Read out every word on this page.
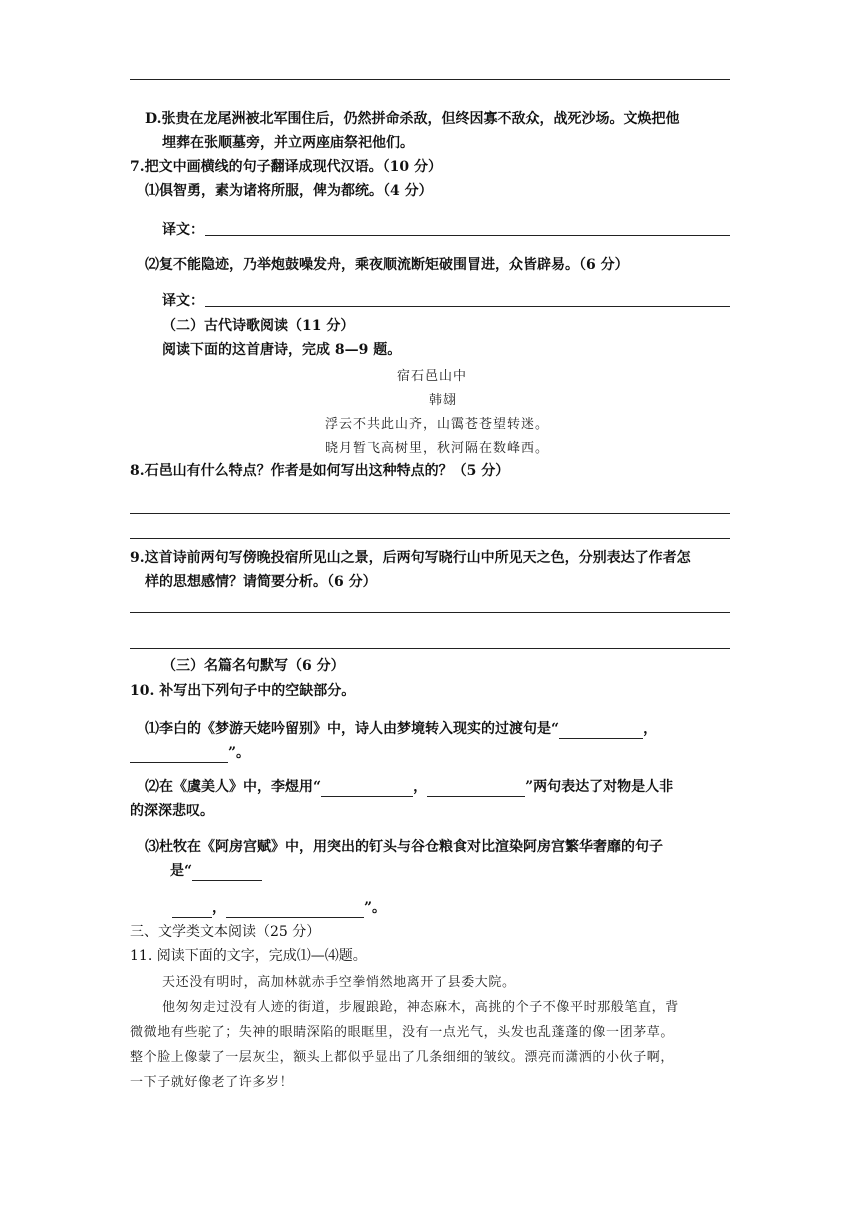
D.张贵在龙尾洲被北军围住后，仍然拼命杀敌，但终因寡不敌众，战死沙场。文焕把他
埋葬在张顺墓旁，并立两座庙祭祀他们。
7.把文中画横线的句子翻译成现代汉语。（10 分）
⑴俱智勇，素为诸将所服，俾为都统。（4 分）
译文：
⑵复不能隐迹，乃举炮鼓噪发舟，乘夜顺流断矩破围冒进，众皆辟易。（6 分）
译文：
（二）古代诗歌阅读（11 分）
阅读下面的这首唐诗，完成 8—9 题。
宿石邑山中
韩翃
浮云不共此山齐，山霭苍苍望转迷。
晓月暂飞高树里，秋河隔在数峰西。
8.石邑山有什么特点？作者是如何写出这种特点的？（5 分）
9.这首诗前两句写傍晚投宿所见山之景，后两句写晓行山中所见天之色，分别表达了作者怎
样的思想感情？请简要分析。（6 分）
（三）名篇名句默写（6 分）
10. 补写出下列句子中的空缺部分。
⑴李白的《梦游天姥吟留别》中，诗人由梦境转入现实的过渡句是“	，
”。
⑵在《虞美人》中，李煜用“	，	”两句表达了对物是人非
的深深悲叹。
⑶杜牧在《阿房宫赋》中，用突出的钉头与谷仓粮食对比渲染阿房宫繁华奢靡的句子
是“
，	”。
三、文学类文本阅读（25 分）
11. 阅读下面的文字，完成⑴—⑷题。
天还没有明时，高加林就赤手空拳悄然地离开了县委大院。
他匆匆走过没有人迹的街道，步履踉跄，神态麻木，高挑的个子不像平时那般笔直，背
微微地有些驼了；失神的眼睛深陷的眼眶里，没有一点光气，头发也乱蓬蓬的像一团茅草。
整个脸上像蒙了一层灰尘，额头上都似乎显出了几条细细的皱纹。漂亮而潇洒的小伙子啊，
一下子就好像老了许多岁！
